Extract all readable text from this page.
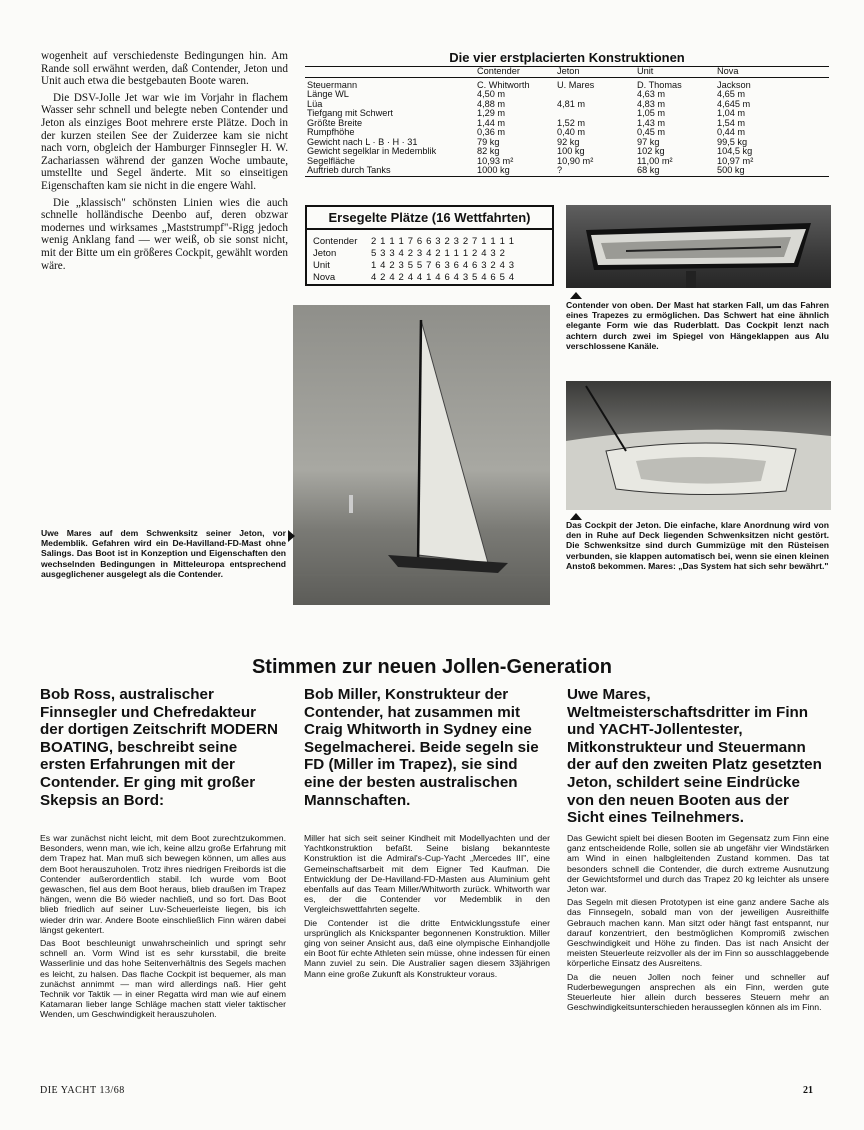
wogenheit auf verschiedenste Bedingungen hin. Am Rande soll erwähnt werden, daß Contender, Jeton und Unit auch etwa die bestgebauten Boote waren.

Die DSV-Jolle Jet war wie im Vorjahr in flachem Wasser sehr schnell und belegte neben Contender und Jeton als einziges Boot mehrere erste Plätze. Doch in der kurzen steilen See der Zuiderzee kam sie nicht nach vorn, obgleich der Hamburger Finnsegler H. W. Zachariassen während der ganzen Woche umbaute, umstellte und Segel änderte. Mit so einseitigen Eigenschaften kam sie nicht in die engere Wahl.

Die „klassisch" schönsten Linien wies die auch schnelle holländische Deenbo auf, deren obzwar modernes und wirksames „Maststrumpf"-Rigg jedoch wenig Anklang fand — wer weiß, ob sie sonst nicht, mit der Bitte um ein größeres Cockpit, gewählt worden wäre.

Die vier erstplacierten Konstruktionen
	Contender	Jeton	Unit	Nova

Steuermann	C. Whitworth	U. Mares	D. Thomas	Jackson
Länge WL	4,50 m		4,63 m	4,65 m
Lüa	4,88 m	4,81 m	4,83 m	4,645 m
Tiefgang mit Schwert	1,29 m		1,05 m	1,04 m
Größte Breite	1,44 m	1,52 m	1,43 m	1,54 m
Rumpfhöhe	0,36 m	0,40 m	0,45 m	0,44 m
Gewicht nach L · B · H · 31	79 kg	92 kg	97 kg	99,5 kg
Gewicht segelklar in Medemblik	82 kg	100 kg	102 kg	104,5 kg
Segelfläche	10,93 m²	10,90 m²	11,00 m²	10,97 m²
Auftrieb durch Tanks	1000 kg	?	68 kg	500 kg
Ersegelte Plätze (16 Wettfahrten)
Contender	2 1 1 1 7 6 6 3 2 3 2 7 1 1 1 1
Jeton	5 3 3 4 2 3 4 2 1 1 1 2 4 3 2
Unit	1 4 2 3 5 5 7 6 3 6 4 6 3 2 4 3
Nova	4 2 4 2 4 4 1 4 6 4 3 5 4 6 5 4
Contender von oben. Der Mast hat starken Fall, um das Fahren eines Trapezes zu ermöglichen. Das Schwert hat eine ähnlich elegante Form wie das Ruderblatt. Das Cockpit lenzt nach achtern durch zwei im Spiegel von Hängeklappen aus Alu verschlossene Kanäle.
Uwe Mares auf dem Schwenksitz seiner Jeton, vor Medemblik. Gefahren wird ein De-Havilland-FD-Mast ohne Salings. Das Boot ist in Konzeption und Eigenschaften den wechselnden Bedingungen in Mitteleuropa entsprechend ausgeglichener ausgelegt als die Contender.
Das Cockpit der Jeton. Die einfache, klare Anordnung wird von den in Ruhe auf Deck liegenden Schwenksitzen nicht gestört. Die Schwenksitze sind durch Gummizüge mit den Rüsteisen verbunden, sie klappen automatisch bei, wenn sie einen kleinen Anstoß bekommen. Mares: „Das System hat sich sehr bewährt."
Stimmen zur neuen Jollen-Generation
Bob Ross, australischer Finnsegler und Chefredakteur der dortigen Zeitschrift MODERN BOATING, beschreibt seine ersten Erfahrungen mit der Contender. Er ging mit großer Skepsis an Bord:
Bob Miller, Konstrukteur der Contender, hat zusammen mit Craig Whitworth in Sydney eine Segelmacherei. Beide segeln sie FD (Miller im Trapez), sie sind eine der besten australischen Mannschaften.
Uwe Mares, Weltmeisterschaftsdritter im Finn und YACHT-Jollentester, Mitkonstrukteur und Steuermann der auf den zweiten Platz gesetzten Jeton, schildert seine Eindrücke von den neuen Booten aus der Sicht eines Teilnehmers.

Es war zunächst nicht leicht, mit dem Boot zurechtzukommen. Besonders, wenn man, wie ich, keine allzu große Erfahrung mit dem Trapez hat. Man muß sich bewegen können, um alles aus dem Boot herauszuholen. Trotz ihres niedrigen Freibords ist die Contender außerordentlich stabil. Ich wurde vom Boot gewaschen, fiel aus dem Boot heraus, blieb draußen im Trapez hängen, wenn die Bö wieder nachließ, und so fort. Das Boot blieb friedlich auf seiner Luv-Scheuerleiste liegen, bis ich wieder drin war. Andere Boote einschließlich Finn wären dabei längst gekentert.

Das Boot beschleunigt unwahrscheinlich und springt sehr schnell an. Vorm Wind ist es sehr kursstabil, die breite Wasserlinie und das hohe Seitenverhältnis des Segels machen es leicht, zu halsen. Das flache Cockpit ist bequemer, als man zunächst annimmt — man wird allerdings naß. Hier geht Technik vor Taktik — in einer Regatta wird man wie auf einem Katamaran lieber lange Schläge machen statt vieler taktischer Wenden, um Geschwindigkeit herauszuholen.

Miller hat sich seit seiner Kindheit mit Modellyachten und der Yachtkonstruktion befaßt. Seine bislang bekannteste Konstruktion ist die Admiral's-Cup-Yacht „Mercedes III", eine Gemeinschaftsarbeit mit dem Eigner Ted Kaufman. Die Entwicklung der De-Havilland-FD-Masten aus Aluminium geht ebenfalls auf das Team Miller/Whitworth zurück. Whitworth war es, der die Contender vor Medemblik in den Vergleichswettfahrten segelte.

Die Contender ist die dritte Entwicklungsstufe einer ursprünglich als Knickspanter begonnenen Konstruktion. Miller ging von seiner Ansicht aus, daß eine olympische Einhandjolle ein Boot für echte Athleten sein müsse, ohne indessen für einen Mann zuviel zu sein. Die Australier sagen diesem 33jährigen Mann eine große Zukunft als Konstrukteur voraus.

Das Gewicht spielt bei diesen Booten im Gegensatz zum Finn eine ganz entscheidende Rolle, sollen sie ab ungefähr vier Windstärken am Wind in einen halbgleitenden Zustand kommen. Das tat besonders schnell die Contender, die durch extreme Ausnutzung der Gewichtsformel und durch das Trapez 20 kg leichter als unsere Jeton war.

Das Segeln mit diesen Prototypen ist eine ganz andere Sache als das Finnsegeln, sobald man von der jeweiligen Ausreithilfe Gebrauch machen kann. Man sitzt oder hängt fast entspannt, nur darauf konzentriert, den bestmöglichen Kompromiß zwischen Geschwindigkeit und Höhe zu finden. Das ist nach Ansicht der meisten Steuerleute reizvoller als der im Finn so ausschlaggebende körperliche Einsatz des Ausreitens.

Da die neuen Jollen noch feiner und schneller auf Ruderbewegungen ansprechen als ein Finn, werden gute Steuerleute hier allein durch besseres Steuern mehr an Geschwindigkeitsunterschieden herausseglen können als im Finn.

DIE YACHT 13/68	21
